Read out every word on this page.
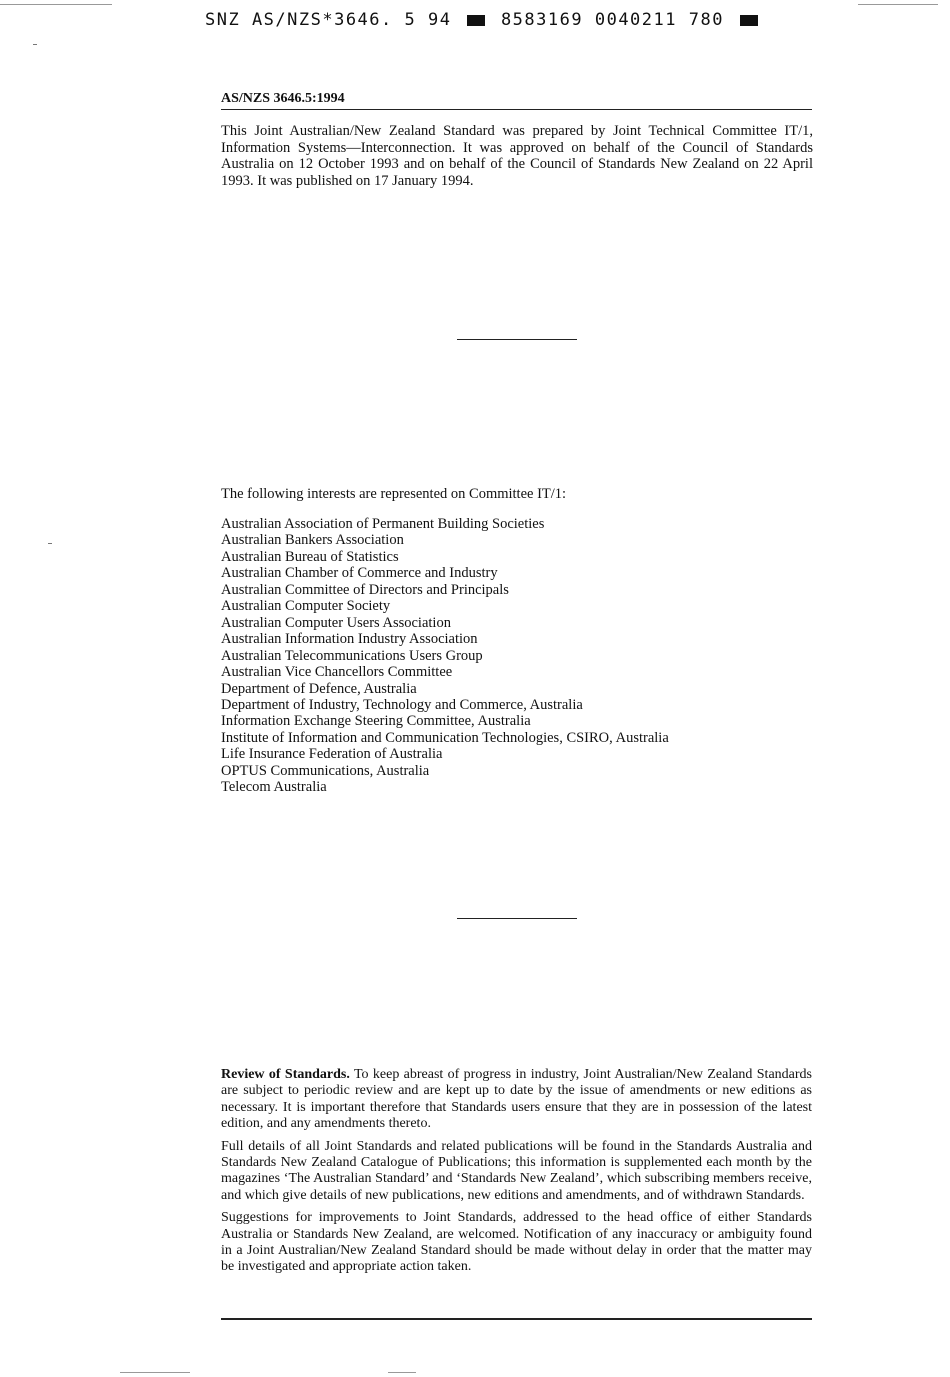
SNZ AS/NZS*3646. 5 94	8583169 0040211 780
AS/NZS 3646.5:1994
This Joint Australian/New Zealand Standard was prepared by Joint Technical Committee IT/1, Information Systems—Interconnection. It was approved on behalf of the Council of Standards Australia on 12 October 1993 and on behalf of the Council of Standards New Zealand on 22 April 1993. It was published on 17 January 1994.
The following interests are represented on Committee IT/1:
Australian Association of Permanent Building Societies
Australian Bankers Association
Australian Bureau of Statistics
Australian Chamber of Commerce and Industry
Australian Committee of Directors and Principals
Australian Computer Society
Australian Computer Users Association
Australian Information Industry Association
Australian Telecommunications Users Group
Australian Vice Chancellors Committee
Department of Defence, Australia
Department of Industry, Technology and Commerce, Australia
Information Exchange Steering Committee, Australia
Institute of Information and Communication Technologies, CSIRO, Australia
Life Insurance Federation of Australia
OPTUS Communications, Australia
Telecom Australia

Review of Standards. To keep abreast of progress in industry, Joint Australian/New Zealand Standards are subject to periodic review and are kept up to date by the issue of amendments or new editions as necessary. It is important therefore that Standards users ensure that they are in possession of the latest edition, and any amendments thereto.

Full details of all Joint Standards and related publications will be found in the Standards Australia and Standards New Zealand Catalogue of Publications; this information is supplemented each month by the magazines ‘The Australian Standard’ and ‘Standards New Zealand’, which subscribing members receive, and which give details of new publications, new editions and amendments, and of withdrawn Standards.

Suggestions for improvements to Joint Standards, addressed to the head office of either Standards Australia or Standards New Zealand, are welcomed. Notification of any inaccuracy or ambiguity found in a Joint Australian/New Zealand Standard should be made without delay in order that the matter may be investigated and appropriate action taken.
